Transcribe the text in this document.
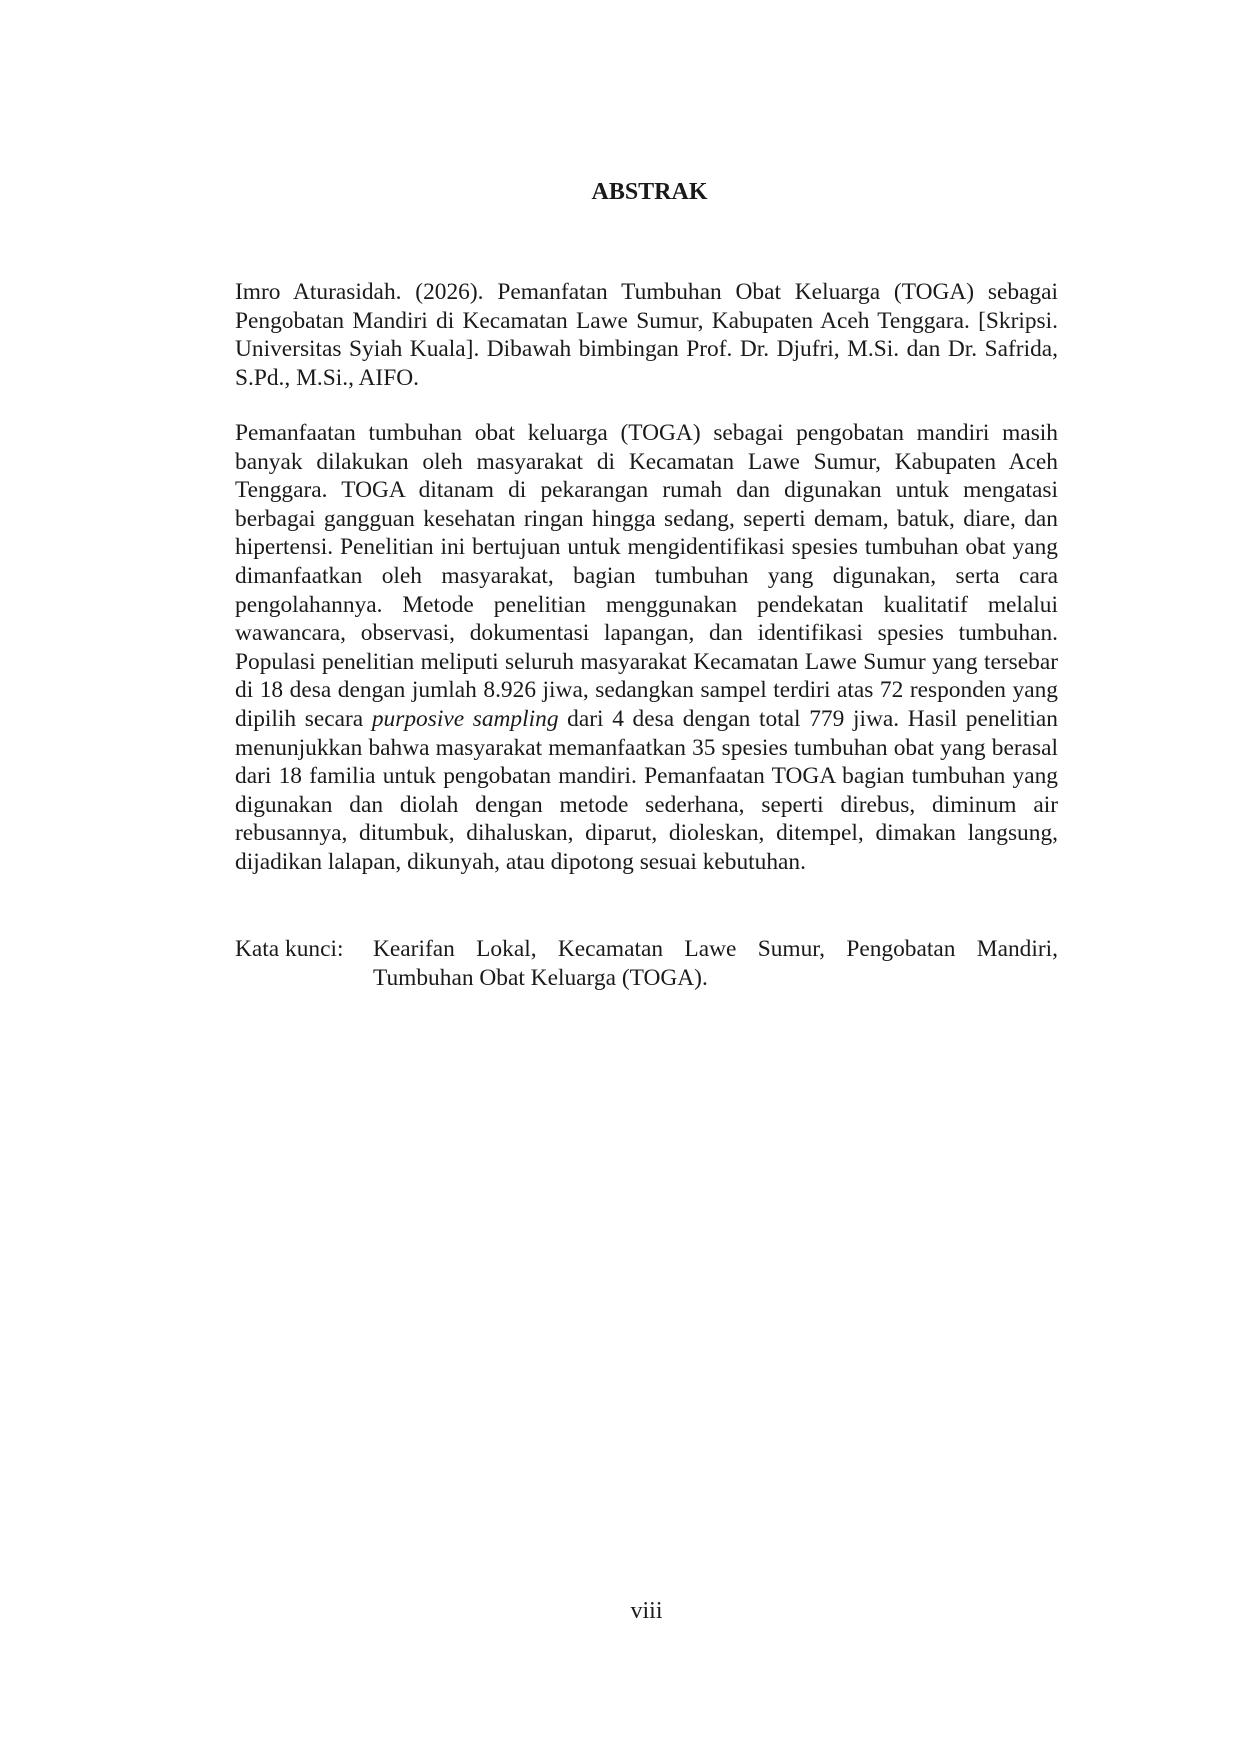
ABSTRAK

Imro Aturasidah. (2026). Pemanfatan Tumbuhan Obat Keluarga (TOGA) sebagai Pengobatan Mandiri di Kecamatan Lawe Sumur, Kabupaten Aceh Tenggara. [Skripsi. Universitas Syiah Kuala]. Dibawah bimbingan Prof. Dr. Djufri, M.Si. dan Dr. Safrida, S.Pd., M.Si., AIFO.

Pemanfaatan tumbuhan obat keluarga (TOGA) sebagai pengobatan mandiri masih banyak dilakukan oleh masyarakat di Kecamatan Lawe Sumur, Kabupaten Aceh Tenggara. TOGA ditanam di pekarangan rumah dan digunakan untuk mengatasi berbagai gangguan kesehatan ringan hingga sedang, seperti demam, batuk, diare, dan hipertensi. Penelitian ini bertujuan untuk mengidentifikasi spesies tumbuhan obat yang dimanfaatkan oleh masyarakat, bagian tumbuhan yang digunakan, serta cara pengolahannya. Metode penelitian menggunakan pendekatan kualitatif melalui wawancara, observasi, dokumentasi lapangan, dan identifikasi spesies tumbuhan. Populasi penelitian meliputi seluruh masyarakat Kecamatan Lawe Sumur yang tersebar di 18 desa dengan jumlah 8.926 jiwa, sedangkan sampel terdiri atas 72 responden yang dipilih secara purposive sampling dari 4 desa dengan total 779 jiwa. Hasil penelitian menunjukkan bahwa masyarakat memanfaatkan 35 spesies tumbuhan obat yang berasal dari 18 familia untuk pengobatan mandiri. Pemanfaatan TOGA bagian tumbuhan yang digunakan dan diolah dengan metode sederhana, seperti direbus, diminum air rebusannya, ditumbuk, dihaluskan, diparut, dioleskan, ditempel, dimakan langsung, dijadikan lalapan, dikunyah, atau dipotong sesuai kebutuhan.

Kata kunci:	Kearifan Lokal, Kecamatan Lawe Sumur, Pengobatan Mandiri, Tumbuhan Obat Keluarga (TOGA).
viii
